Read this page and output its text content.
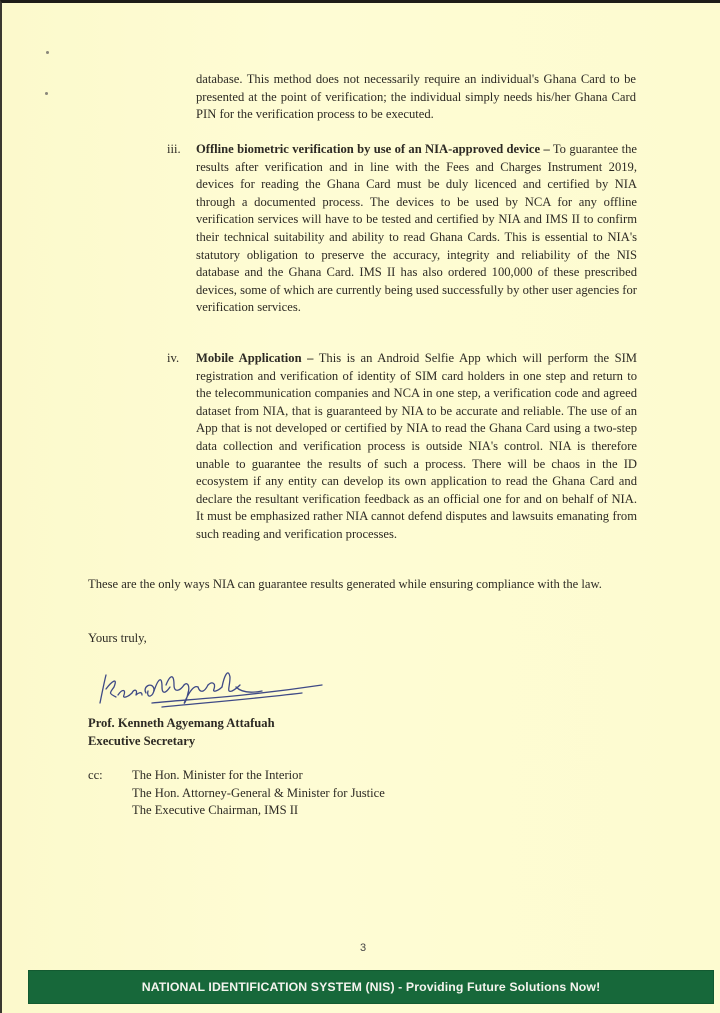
database. This method does not necessarily require an individual's Ghana Card to be presented at the point of verification; the individual simply needs his/her Ghana Card PIN for the verification process to be executed.

iii.	Offline biometric verification by use of an NIA-approved device – To guarantee the results after verification and in line with the Fees and Charges Instrument 2019, devices for reading the Ghana Card must be duly licenced and certified by NIA through a documented process. The devices to be used by NCA for any offline verification services will have to be tested and certified by NIA and IMS II to confirm their technical suitability and ability to read Ghana Cards. This is essential to NIA's statutory obligation to preserve the accuracy, integrity and reliability of the NIS database and the Ghana Card. IMS II has also ordered 100,000 of these prescribed devices, some of which are currently being used successfully by other user agencies for verification services.
iv.	Mobile Application – This is an Android Selfie App which will perform the SIM registration and verification of identity of SIM card holders in one step and return to the telecommunication companies and NCA in one step, a verification code and agreed dataset from NIA, that is guaranteed by NIA to be accurate and reliable. The use of an App that is not developed or certified by NIA to read the Ghana Card using a two-step data collection and verification process is outside NIA's control. NIA is therefore unable to guarantee the results of such a process. There will be chaos in the ID ecosystem if any entity can develop its own application to read the Ghana Card and declare the resultant verification feedback as an official one for and on behalf of NIA. It must be emphasized rather NIA cannot defend disputes and lawsuits emanating from such reading and verification processes.

These are the only ways NIA can guarantee results generated while ensuring compliance with the law.

Yours truly,

Prof. Kenneth Agyemang Attafuah
Executive Secretary
cc: The Hon. Minister for the Interior
The Hon. Attorney-General & Minister for Justice
The Executive Chairman, IMS II
3
NATIONAL IDENTIFICATION SYSTEM (NIS) - Providing Future Solutions Now!
